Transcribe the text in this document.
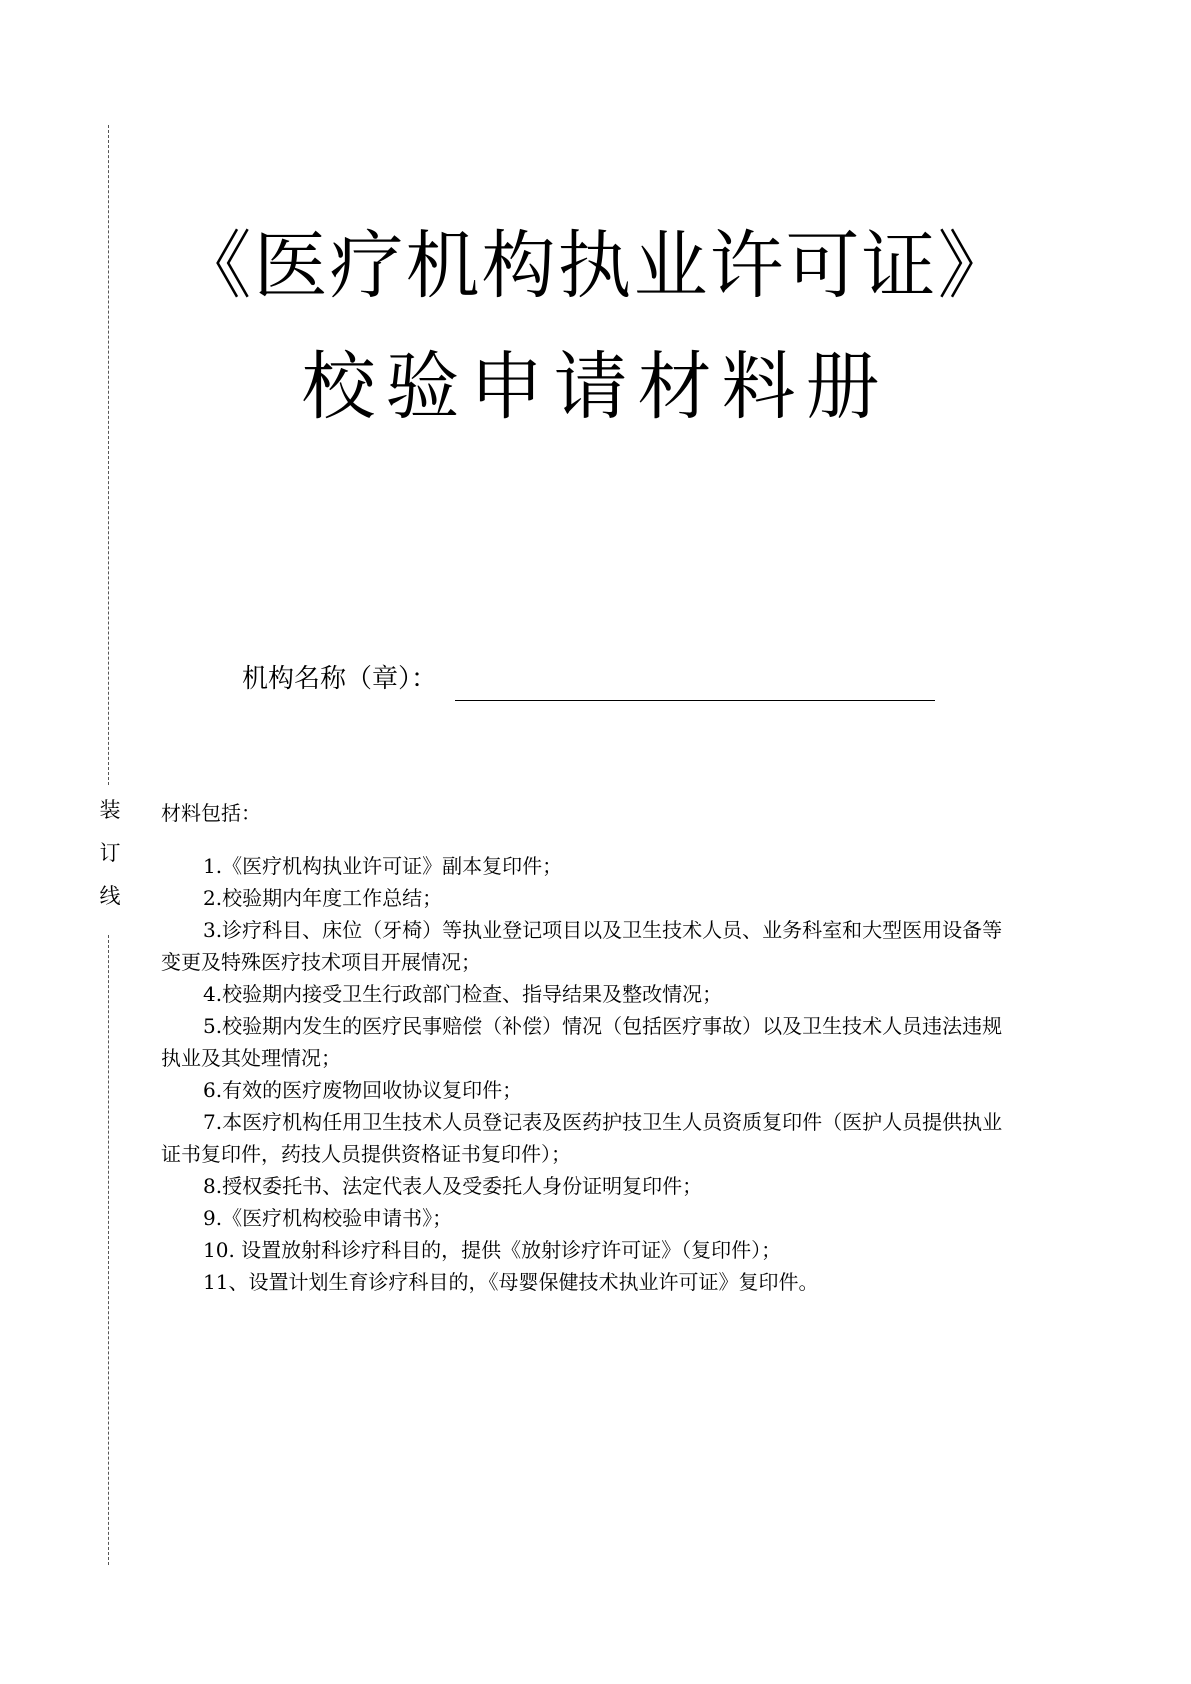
装
订
线
《医疗机构执业许可证》
校验申请材料册
机构名称（章）：
材料包括：
1.《医疗机构执业许可证》副本复印件；
2.校验期内年度工作总结；
3.诊疗科目、床位（牙椅）等执业登记项目以及卫生技术人员、业务科室和大型医用设备等变更及特殊医疗技术项目开展情况；
4.校验期内接受卫生行政部门检查、指导结果及整改情况；
5.校验期内发生的医疗民事赔偿（补偿）情况（包括医疗事故）以及卫生技术人员违法违规执业及其处理情况；
6.有效的医疗废物回收协议复印件；
7.本医疗机构任用卫生技术人员登记表及医药护技卫生人员资质复印件（医护人员提供执业证书复印件，药技人员提供资格证书复印件）；
8.授权委托书、法定代表人及受委托人身份证明复印件；
9.《医疗机构校验申请书》；
10. 设置放射科诊疗科目的，提供《放射诊疗许可证》（复印件）；
11、设置计划生育诊疗科目的，《母婴保健技术执业许可证》复印件。
